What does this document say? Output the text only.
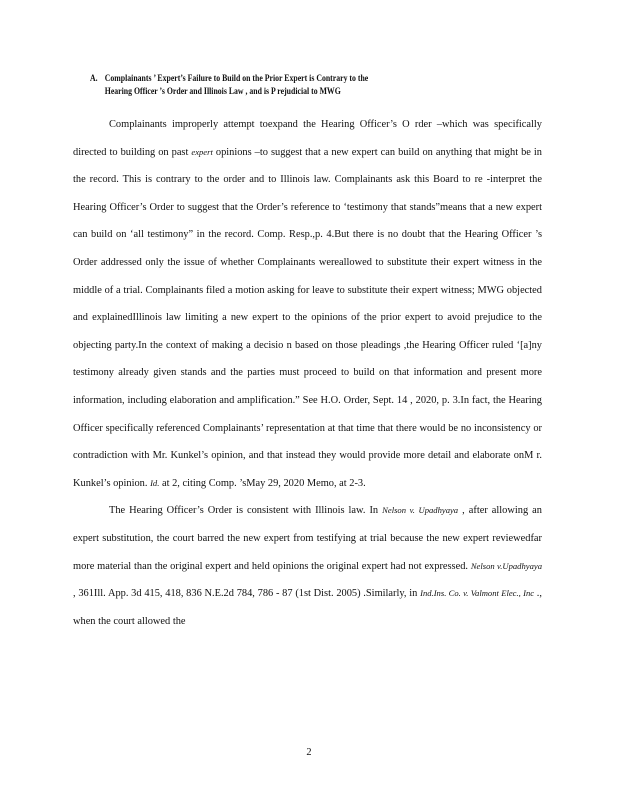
A. Complainants ’ Expert’s Failure to Build on the Prior Expert is Contrary to the
Hearing Officer ’s Order and Illinois Law , and is P rejudicial to MWG

Complainants improperly attempt toexpand the Hearing Officer’s O rder –which was specifically directed to building on past expert opinions –to suggest that a new expert can build on anything that might be in the record. This is contrary to the order and to Illinois law. Complainants ask this Board to re -interpret the Hearing Officer’s Order to suggest that the Order’s reference to ‘testimony that stands”means that a new expert can build on ‘all testimony” in the record. Comp. Resp.,p. 4.But there is no doubt that the Hearing Officer ’s Order addressed only the issue of whether Complainants wereallowed to substitute their expert witness in the middle of a trial. Complainants filed a motion asking for leave to substitute their expert witness; MWG objected and explainedIllinois law limiting a new expert to the opinions of the prior expert to avoid prejudice to the objecting party.In the context of making a decisio n based on those pleadings ,the Hearing Officer ruled ‘[a]ny testimony already given stands and the parties must proceed to build on that information and present more information, including elaboration and amplification.” See H.O. Order, Sept. 14 , 2020, p. 3.In fact, the Hearing Officer specifically referenced Complainants’ representation at that time that there would be no inconsistency or contradiction with Mr. Kunkel’s opinion, and that instead they would provide more detail and elaborate onM r. Kunkel’s opinion. Id. at 2, citing Comp. ’sMay 29, 2020 Memo, at 2-3.

The Hearing Officer’s Order is consistent with Illinois law. In Nelson v. Upadhyaya , after allowing an expert substitution, the court barred the new expert from testifying at trial because the new expert reviewedfar more material than the original expert and held opinions the original expert had not expressed. Nelson v.Upadhyaya , 361Ill. App. 3d 415, 418, 836 N.E.2d 784, 786 - 87 (1st Dist. 2005) .Similarly, in Ind.Ins. Co. v. Valmont Elec., Inc ., when the court allowed the

2
